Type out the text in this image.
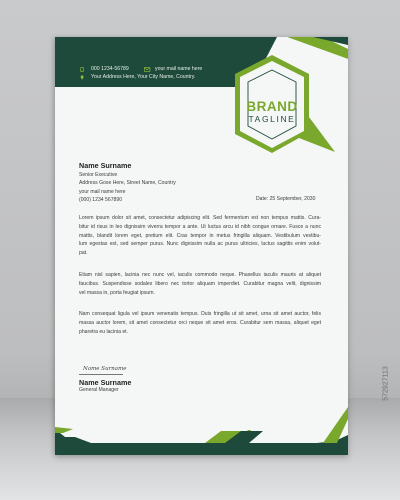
000 1234-56789	your mail name here
Your Address Here, Your City Name, Country.
BRAND
TAGLINE
Name Surname
Senior Executive
Address Gose Here, Street Name, Country
your mail name here
(000) 1234 567890	Date: 25 September, 2030
Lorem ipsum dolor sit amet, consectetur adipiscing elit. Sed fermentum est non tempus mattis. Cura-
bitur id risus in leo dignissim viverra tempor a ante. Ut luctus arcu id nibh congue ornare. Fusce a nunc
mattis, blandit lorem eget, pretium elit. Cras tempor in metus fringilla aliquam. Vestibulum vestibu-
lum egestas est, sed semper purus. Nunc dignissim nulla ac purus ultricies, luctus sagittis enim volut-
pat.
Etiam nisl sapien, lacinia nec nunc vel, iaculis commodo neque. Phasellus iaculis mauris at aliquet
faucibus. Suspendisse sodales libero nec tortor aliquam imperdiet. Curabitur magna velit, dignissim
vel massa in, porta feugiat ipsum.
Nam consequat ligula vel ipsum venenatis tempus. Duis fringilla ut sit amet, urna sit amet auctor, felis
massa auctor lorem, sit amet consectetur orci neque sit amet eros. Curabitur sem massa, aliquet eget
pharetra eu lacinia et.
Name Surname
Name Surname
General Manager	572927113
